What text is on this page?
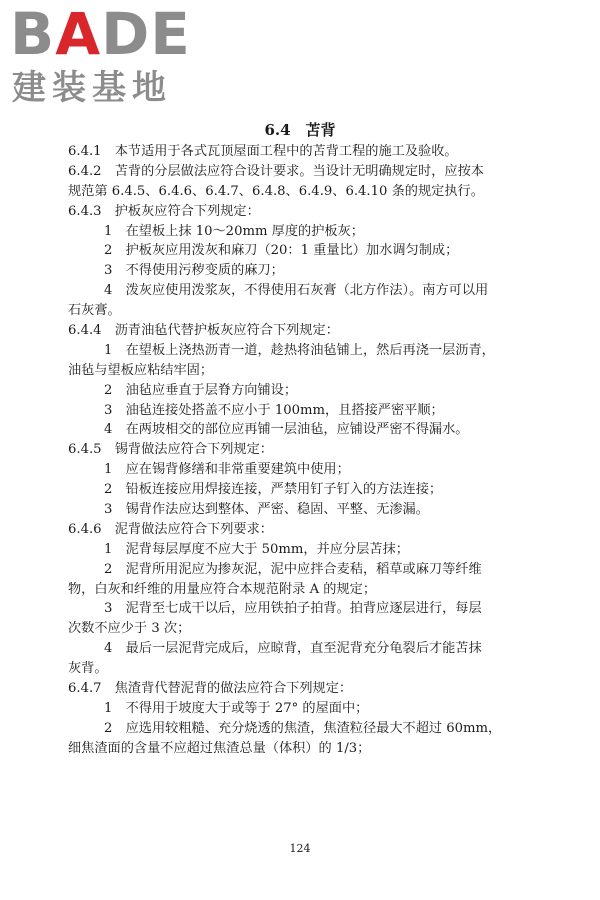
BADE
建装基地
6.4　苫背
6.4.1　本节适用于各式瓦顶屋面工程中的苫背工程的施工及验收。
6.4.2　苫背的分层做法应符合设计要求。当设计无明确规定时，应按本
规范第 6.4.5、6.4.6、6.4.7、6.4.8、6.4.9、6.4.10 条的规定执行。
6.4.3　护板灰应符合下列规定：
1　在望板上抹 10～20mm 厚度的护板灰；
2　护板灰应用泼灰和麻刀（20：1 重量比）加水调匀制成；
3　不得使用污秽变质的麻刀；
4　泼灰应使用泼浆灰，不得使用石灰膏（北方作法）。南方可以用
石灰膏。
6.4.4　沥青油毡代替护板灰应符合下列规定：
1　在望板上浇热沥青一道，趁热将油毡铺上，然后再浇一层沥青，
油毡与望板应粘结牢固；
2　油毡应垂直于层脊方向铺设；
3　油毡连接处搭盖不应小于 100mm，且搭接严密平顺；
4　在两坡相交的部位应再铺一层油毡，应铺设严密不得漏水。
6.4.5　锡背做法应符合下列规定：
1　应在锡背修缮和非常重要建筑中使用；
2　铅板连接应用焊接连接，严禁用钉子钉入的方法连接；
3　锡背作法应达到整体、严密、稳固、平整、无渗漏。
6.4.6　泥背做法应符合下列要求：
1　泥背每层厚度不应大于 50mm，并应分层苫抹；
2　泥背所用泥应为掺灰泥，泥中应拌合麦秸，稻草或麻刀等纤维
物，白灰和纤维的用量应符合本规范附录 A 的规定；
3　泥背至七成干以后，应用铁拍子拍背。拍背应逐层进行，每层
次数不应少于 3 次；
4　最后一层泥背完成后，应晾背，直至泥背充分龟裂后才能苫抹
灰背。
6.4.7　焦渣背代替泥背的做法应符合下列规定：
1　不得用于坡度大于或等于 27° 的屋面中；
2　应选用较粗糙、充分烧透的焦渣，焦渣粒径最大不超过 60mm，
细焦渣面的含量不应超过焦渣总量（体积）的 1/3；
124
